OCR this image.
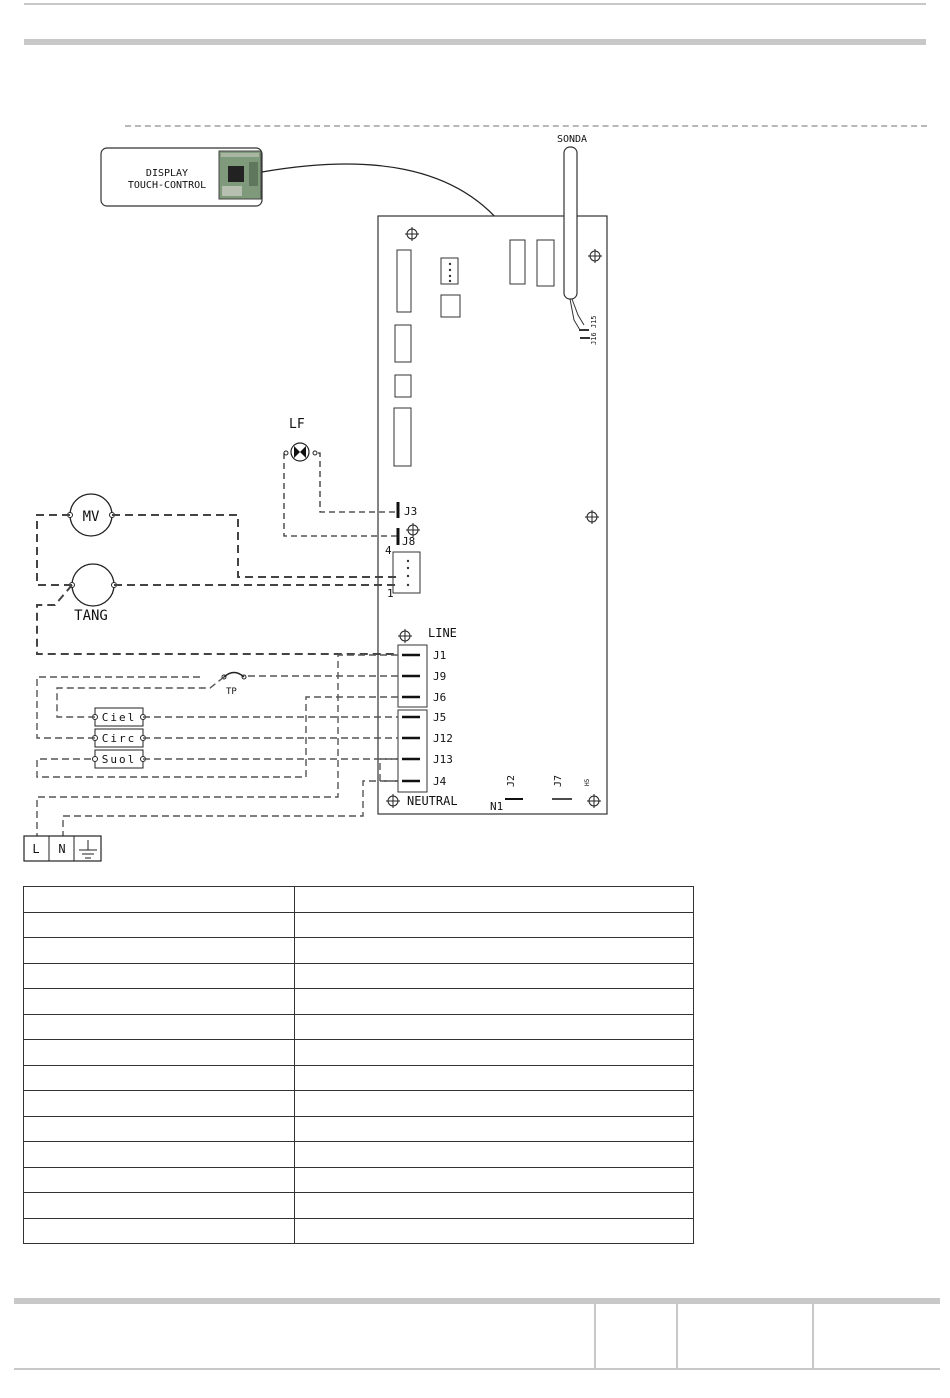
DISPLAY
TOUCH-CONTROL
4
1
J3
J8
LINE
J1
J9
J6
J5
J12
J13
J4
NEUTRAL
J2
N1
J7	H5
SONDA
J16 J15
LF
MV
TANG
TP
Ciel
Circ
Suol
L N
